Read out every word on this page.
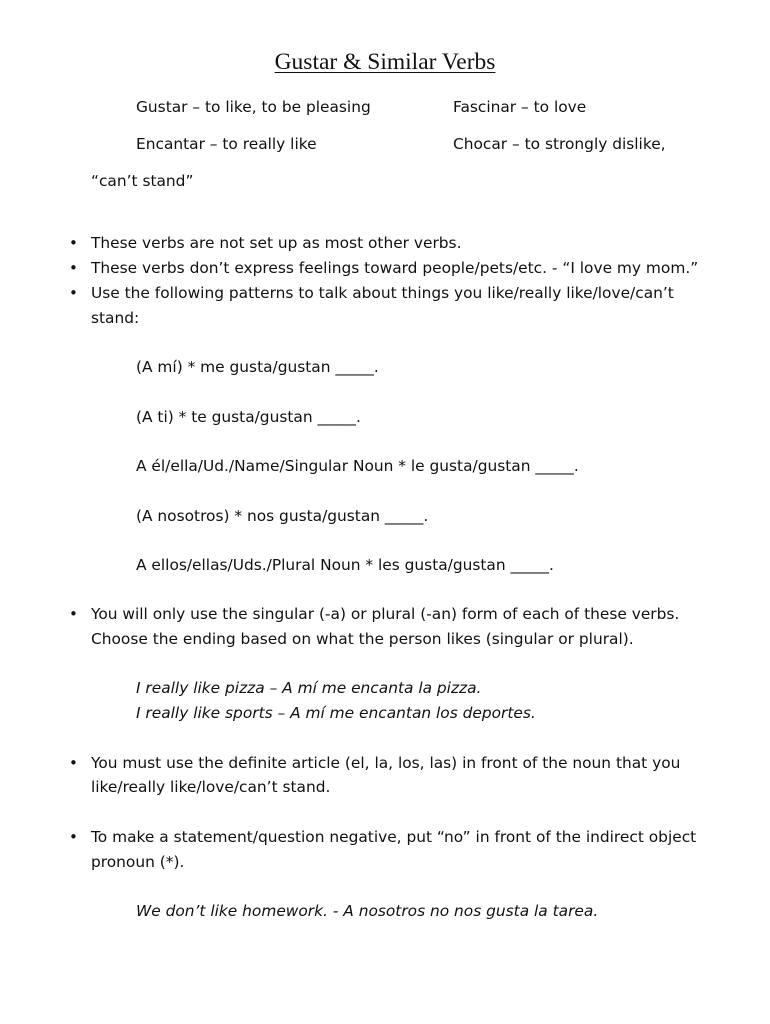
Gustar & Similar Verbs
Gustar – to like, to be pleasing	Fascinar – to love
Encantar – to really like	Chocar – to strongly dislike,
“can’t stand”
• These verbs are not set up as most other verbs.
• These verbs don’t express feelings toward people/pets/etc. - “I love my mom.”
• Use the following patterns to talk about things you like/really like/love/can’t
stand:
(A mí) * me gusta/gustan _____.
(A ti) * te gusta/gustan _____.
A él/ella/Ud./Name/Singular Noun * le gusta/gustan _____.
(A nosotros) * nos gusta/gustan _____.
A ellos/ellas/Uds./Plural Noun * les gusta/gustan _____.
• You will only use the singular (-a) or plural (-an) form of each of these verbs.
Choose the ending based on what the person likes (singular or plural).
I really like pizza – A mí me encanta la pizza.
I really like sports – A mí me encantan los deportes.
• You must use the definite article (el, la, los, las) in front of the noun that you
like/really like/love/can’t stand.
• To make a statement/question negative, put “no” in front of the indirect object
pronoun (*).
We don’t like homework. - A nosotros no nos gusta la tarea.
